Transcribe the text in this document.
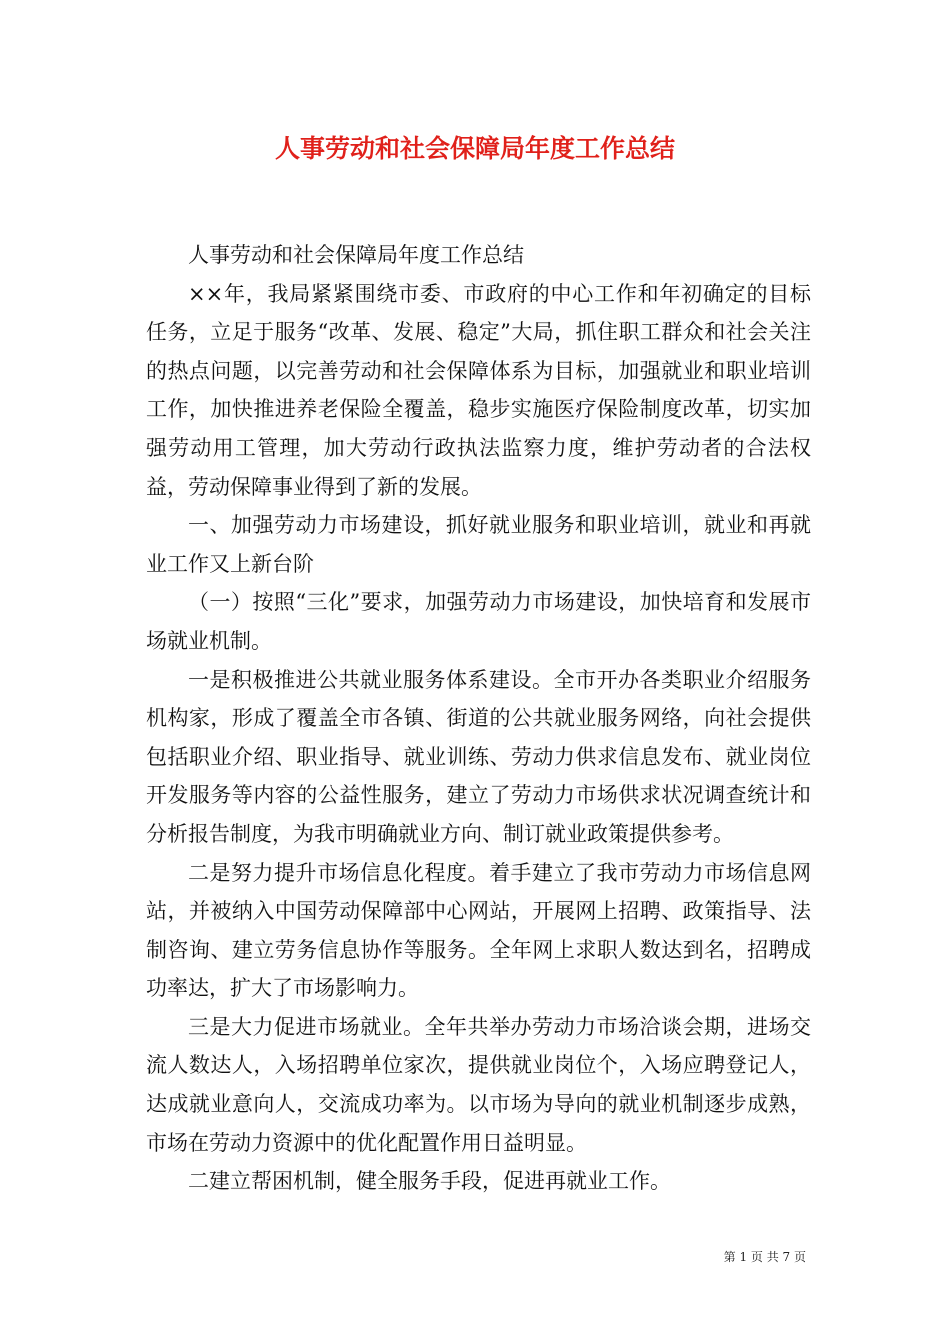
人事劳动和社会保障局年度工作总结

人事劳动和社会保障局年度工作总结

××年，我局紧紧围绕市委、市政府的中心工作和年初确定的目标任务，立足于服务“改革、发展、稳定”大局，抓住职工群众和社会关注的热点问题，以完善劳动和社会保障体系为目标，加强就业和职业培训工作，加快推进养老保险全覆盖，稳步实施医疗保险制度改革，切实加强劳动用工管理，加大劳动行政执法监察力度，维护劳动者的合法权益，劳动保障事业得到了新的发展。

一、加强劳动力市场建设，抓好就业服务和职业培训，就业和再就业工作又上新台阶

（一）按照“三化”要求，加强劳动力市场建设，加快培育和发展市场就业机制。

一是积极推进公共就业服务体系建设。全市开办各类职业介绍服务机构家，形成了覆盖全市各镇、街道的公共就业服务网络，向社会提供包括职业介绍、职业指导、就业训练、劳动力供求信息发布、就业岗位开发服务等内容的公益性服务，建立了劳动力市场供求状况调查统计和分析报告制度，为我市明确就业方向、制订就业政策提供参考。

二是努力提升市场信息化程度。着手建立了我市劳动力市场信息网站，并被纳入中国劳动保障部中心网站，开展网上招聘、政策指导、法制咨询、建立劳务信息协作等服务。全年网上求职人数达到名，招聘成功率达，扩大了市场影响力。

三是大力促进市场就业。全年共举办劳动力市场洽谈会期，进场交流人数达人，入场招聘单位家次，提供就业岗位个，入场应聘登记人，达成就业意向人，交流成功率为。以市场为导向的就业机制逐步成熟，市场在劳动力资源中的优化配置作用日益明显。

二建立帮困机制，健全服务手段，促进再就业工作。

第 1 页 共 7 页
